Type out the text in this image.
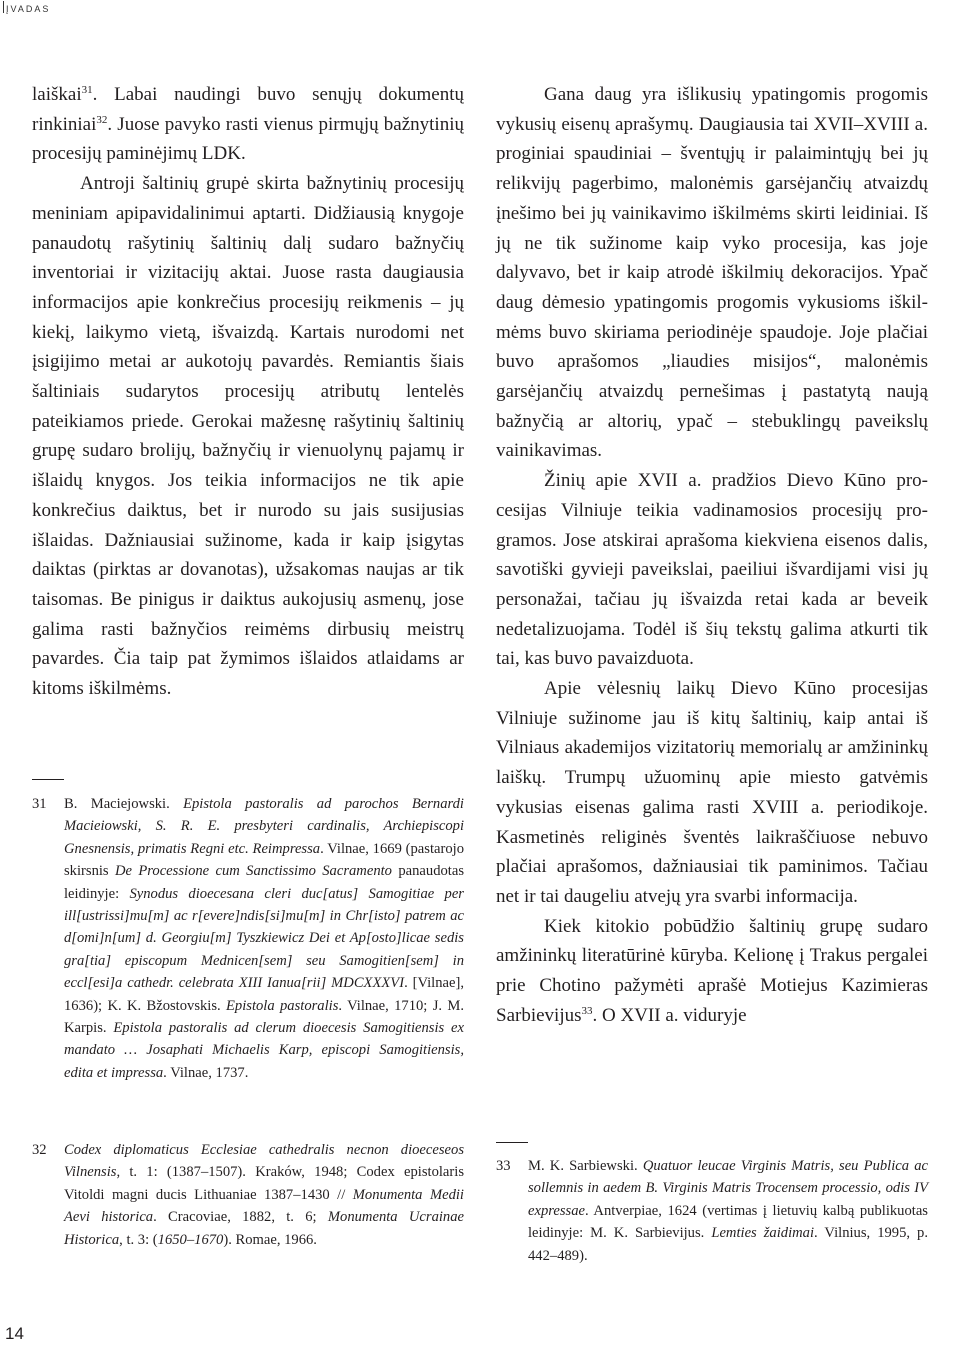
įvadas

laiškai$^{31}$. Labai naudingi buvo senųjų dokumentų rinkiniai$^{32}$. Juose pavyko rasti vienus pirmųjų bažnytinių procesijų paminėjimų LDK.

Antroji šaltinių grupė skirta bažnytinių procesijų meniniam apipavidalinimui aptarti. Didžiausią knygoje panaudotų rašytinių šaltinių dalį sudaro bažnyčių inventoriai ir vizitacijų aktai. Juose rasta daugiausia informacijos apie konkrečius procesijų reikmenis – jų kiekį, laikymo vietą, išvaizdą. Kartais nurodomi net įsigijimo metai ar aukotojų pavardės. Remiantis šiais šaltiniais sudarytos procesijų atributų lentelės pateikiamos priede. Gerokai mažesnę rašytinių šaltinių grupę sudaro brolijų, bažnyčių ir vienuolynų pajamų ir išlaidų knygos. Jos teikia informacijos ne tik apie konkrečius daiktus, bet ir nurodo su jais susijusias išlaidas. Dažniausiai sužinome, kada ir kaip įsigytas daiktas (pirktas ar dovanotas), užsakomas naujas ar tik taisomas. Be pinigus ir daiktus aukojusių asmenų, jose galima rasti bažnyčios reimėms dirbusių meistrų pavardes. Čia taip pat žymimos išlaidos atlaidams ar kitoms iškilmėms.

31 B. Maciejowski. Epistola pastoralis ad parochos Bernardi Macieiowski, S. R. E. presbyteri cardinalis, Archiepiscopi Gnesnensis, primatis Regni etc. Reimpressa. Vilnae, 1669 (pastarojo skirsnis De Processione cum Sanctissimo Sacramento panaudotas leidinyje: Synodus dioecesana cleri duc[atus] Samogitiae per ill[ustrissi]mu[m] ac r[evere]ndis[si]mu[m] in Chr[isto] patrem ac d[omi]n[um] d. Georgiu[m] Tyszkiewicz Dei et Ap[osto]licae sedis gra[tia] episcopum Mednicen[sem] seu Samogitien[sem] in eccl[esi]a cathedr. celebrata XIII Ianua[rii] MDCXXXVI. [Vilnae], 1636); K. K. Bžostovskis. Epistola pastoralis. Vilnae, 1710; J. M. Karpis. Epistola pastoralis ad clerum dioecesis Samogitiensis ex mandato … Josaphati Michaelis Karp, episcopi Samogitiensis, edita et impressa. Vilnae, 1737.
32 Codex diplomaticus Ecclesiae cathedralis necnon dioeceseos Vilnensis, t. 1: (1387–1507). Kraków, 1948; Codex epistolaris Vitoldi magni ducis Lithuaniae 1387–1430 // Monumenta Medii Aevi historica. Cracoviae, 1882, t. 6; Monumenta Ucrainae Historica, t. 3: (1650–1670). Romae, 1966.

Gana daug yra išlikusių ypatingomis progomis vykusių eisenų aprašymų. Daugiausia tai XVII–XVIII a. proginiai spaudiniai – šventųjų ir palaimintųjų bei jų relikvijų pagerbimo, malonėmis garsėjančių atvaizdų įnešimo bei jų vainikavimo iškilmėms skirti leidiniai. Iš jų ne tik sužinome kaip vyko procesija, kas joje dalyvavo, bet ir kaip atrodė iškilmių dekoracijos. Ypač daug dėmesio ypatingomis progomis vykusioms iškilmėms buvo skiriama periodinėje spaudoje. Joje plačiai buvo aprašomos „liaudies misijos“, malonėmis garsėjančių atvaizdų pernešimas į pastatytą naują bažnyčią ar altorių, ypač – stebuklingų paveikslų vainikavimas.

Žinių apie XVII a. pradžios Dievo Kūno procesijas Vilniuje teikia vadinamosios procesijų programos. Jose atskirai aprašoma kiekviena eisenos dalis, savotiški gyvieji paveikslai, paeiliui išvardijami visi jų personažai, tačiau jų išvaizda retai kada ar beveik nedetalizuojama. Todėl iš šių tekstų galima atkurti tik tai, kas buvo pavaizduota.

Apie vėlesnių laikų Dievo Kūno procesijas Vilniuje sužinome jau iš kitų šaltinių, kaip antai iš Vilniaus akademijos vizitatorių memorialų ar amžininkų laiškų. Trumpų užuominų apie miesto gatvėmis vykusias eisenas galima rasti XVIII a. periodikoje. Kasmetinės religinės šventės laikraščiuose nebuvo plačiai aprašomos, dažniausiai tik paminimos. Tačiau net ir tai daugeliu atvejų yra svarbi informacija.

Kiek kitokio pobūdžio šaltinių grupę sudaro amžininkų literatūrinė kūryba. Kelionę į Trakus pergalei prie Chotino pažymėti aprašė Motiejus Kazimieras Sarbievijus$^{33}$. O XVII a. viduryje

33 M. K. Sarbiewski. Quatuor leucae Virginis Matris, seu Publica ac sollemnis in aedem B. Virginis Matris Trocensem processio, odis IV expressae. Antverpiae, 1624 (vertimas į lietuvių kalbą publikuotas leidinyje: M. K. Sarbievijus. Lemties žaidimai. Vilnius, 1995, p. 442–489).
14
